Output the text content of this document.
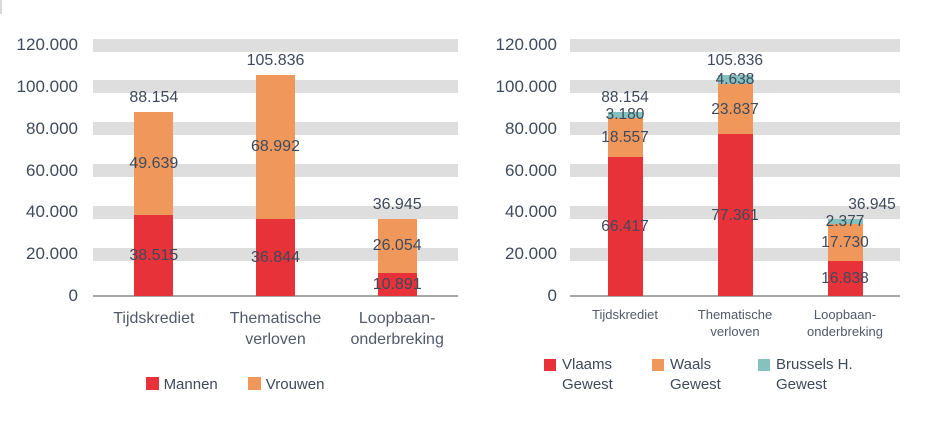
0
20.000
40.000
60.000
80.000
100.000
120.000
38.515
49.639
88.154
36.844
68.992
105.836
10.891
26.054
36.945
Tijdskrediet	Thematische verloven
Loopbaan-onderbreking
Mannen	Vrouwen
0
20.000
40.000
60.000
80.000
100.000
120.000
66.417
18.557
3.180
88.154
77.361
23.837
4.638
105.836
16.838
17.730
2.377
36.945
Tijdskrediet	Thematische verloven
Loopbaan-onderbreking
Vlaams Gewest
Waals Gewest
Brussels H. Gewest
